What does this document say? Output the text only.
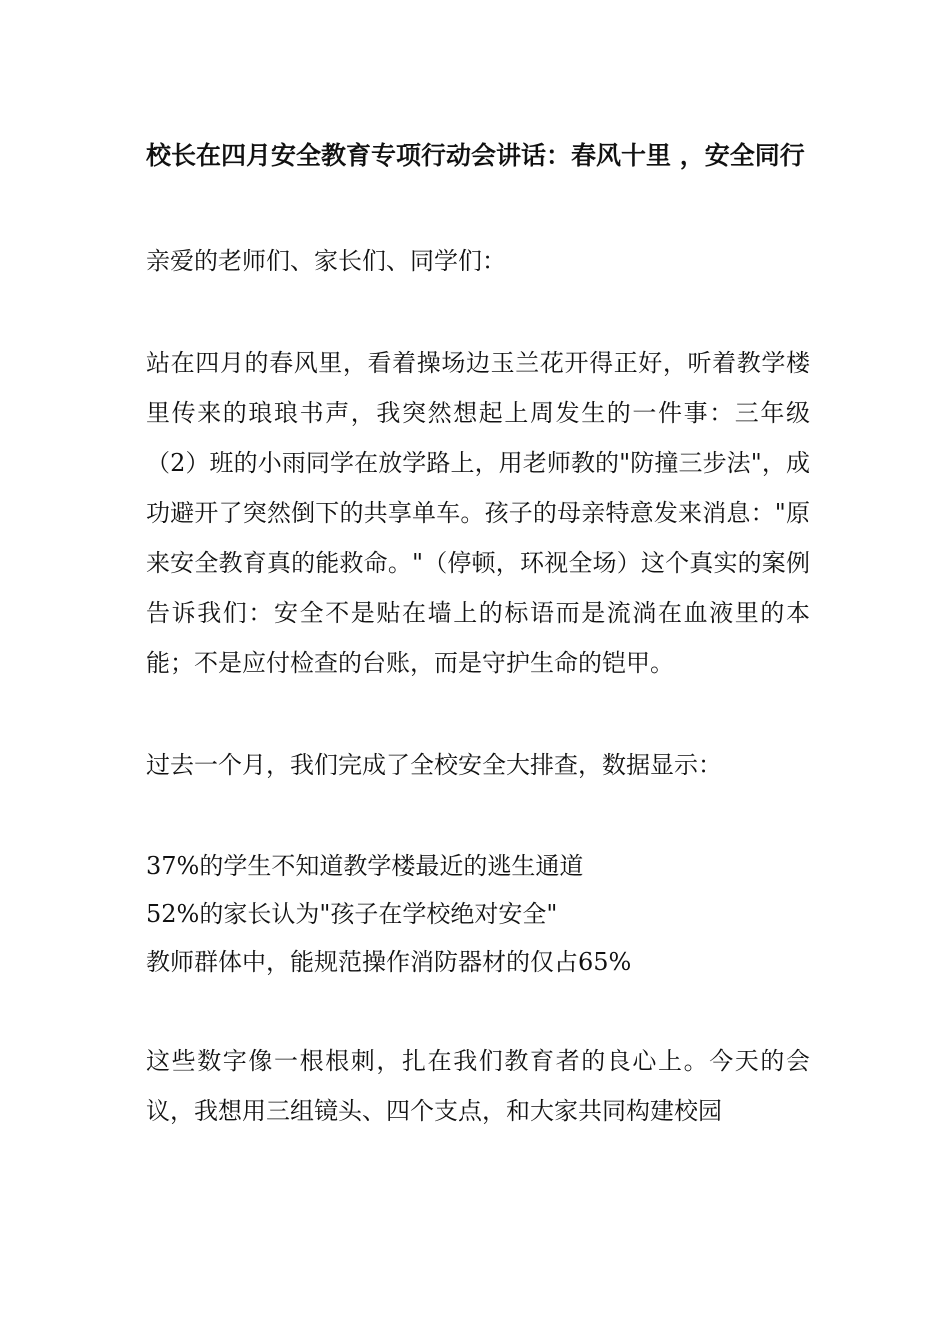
校长在四月安全教育专项行动会讲话：春风十里 ，安全同行

亲爱的老师们、家长们、同学们：

站在四月的春风里，看着操场边玉兰花开得正好，听着教学楼里传来的琅琅书声，我突然想起上周发生的一件事：三年级（2）班的小雨同学在放学路上，用老师教的"防撞三步法"，成功避开了突然倒下的共享单车。孩子的母亲特意发来消息："原来安全教育真的能救命。"（停顿，环视全场）这个真实的案例告诉我们：安全不是贴在墙上的标语而是流淌在血液里的本能；不是应付检查的台账，而是守护生命的铠甲。

过去一个月，我们完成了全校安全大排查，数据显示：

37%的学生不知道教学楼最近的逃生通道
52%的家长认为"孩子在学校绝对安全"
教师群体中，能规范操作消防器材的仅占65%

这些数字像一根根刺，扎在我们教育者的良心上。今天的会议，我想用三组镜头、四个支点，和大家共同构建校园
